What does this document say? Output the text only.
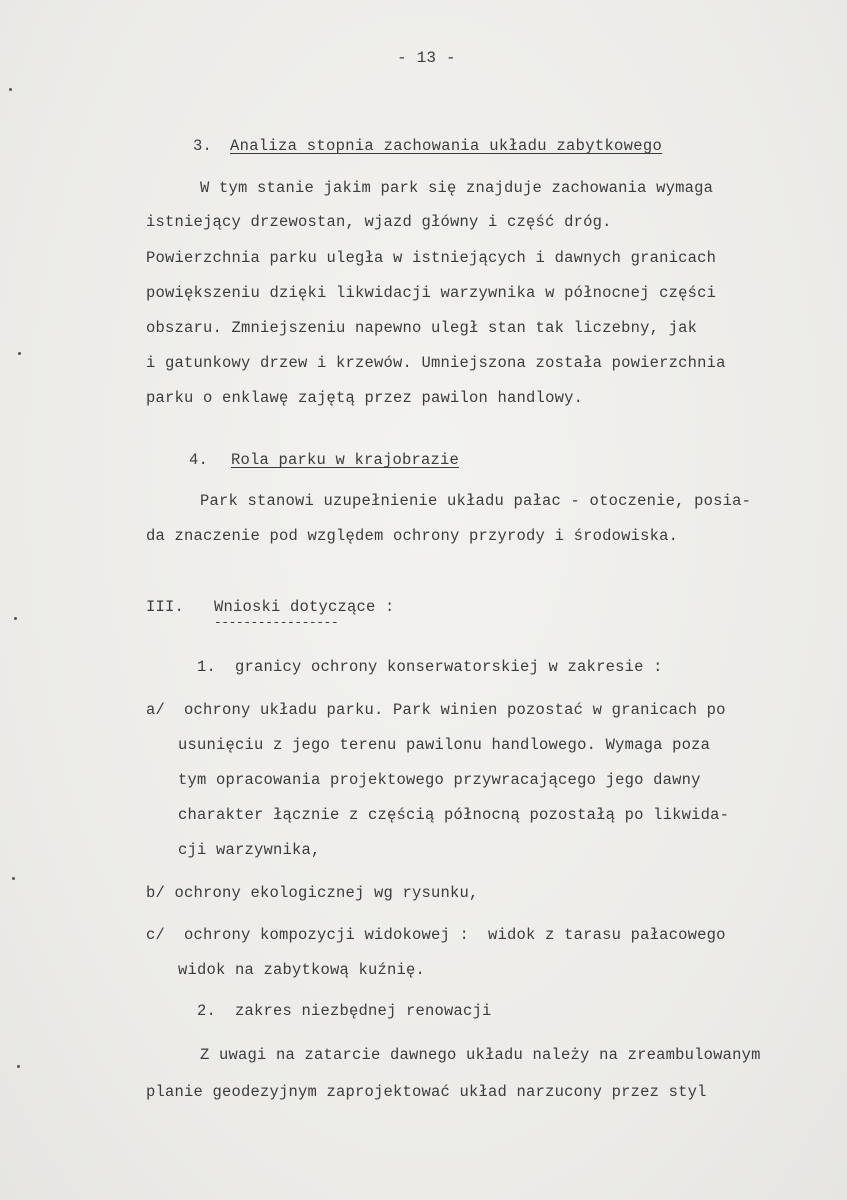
- 13 -
3. Analiza stopnia zachowania układu zabytkowego
W tym stanie jakim park się znajduje zachowania wymaga
istniejący drzewostan, wjazd główny i część dróg.
Powierzchnia parku uległa w istniejących i dawnych granicach
powiększeniu dzięki likwidacji warzywnika w północnej części
obszaru. Zmniejszeniu napewno uległ stan tak liczebny, jak
i gatunkowy drzew i krzewów. Umniejszona została powierzchnia
parku o enklawę zajętą przez pawilon handlowy.
4. Rola parku w krajobrazie
Park stanowi uzupełnienie układu pałac - otoczenie, posia-
da znaczenie pod względem ochrony przyrody i środowiska.
III. Wnioski dotyczące :
-----------------
1.  granicy ochrony konserwatorskiej w zakresie :
a/  ochrony układu parku. Park winien pozostać w granicach po
usunięciu z jego terenu pawilonu handlowego. Wymaga poza
tym opracowania projektowego przywracającego jego dawny
charakter łącznie z częścią północną pozostałą po likwida-
cji warzywnika,
b/ ochrony ekologicznej wg rysunku,
c/  ochrony kompozycji widokowej :  widok z tarasu pałacowego
widok na zabytkową kuźnię.
2.  zakres niezbędnej renowacji
Z uwagi na zatarcie dawnego układu należy na zreambulowanym
planie geodezyjnym zaprojektować układ narzucony przez styl
